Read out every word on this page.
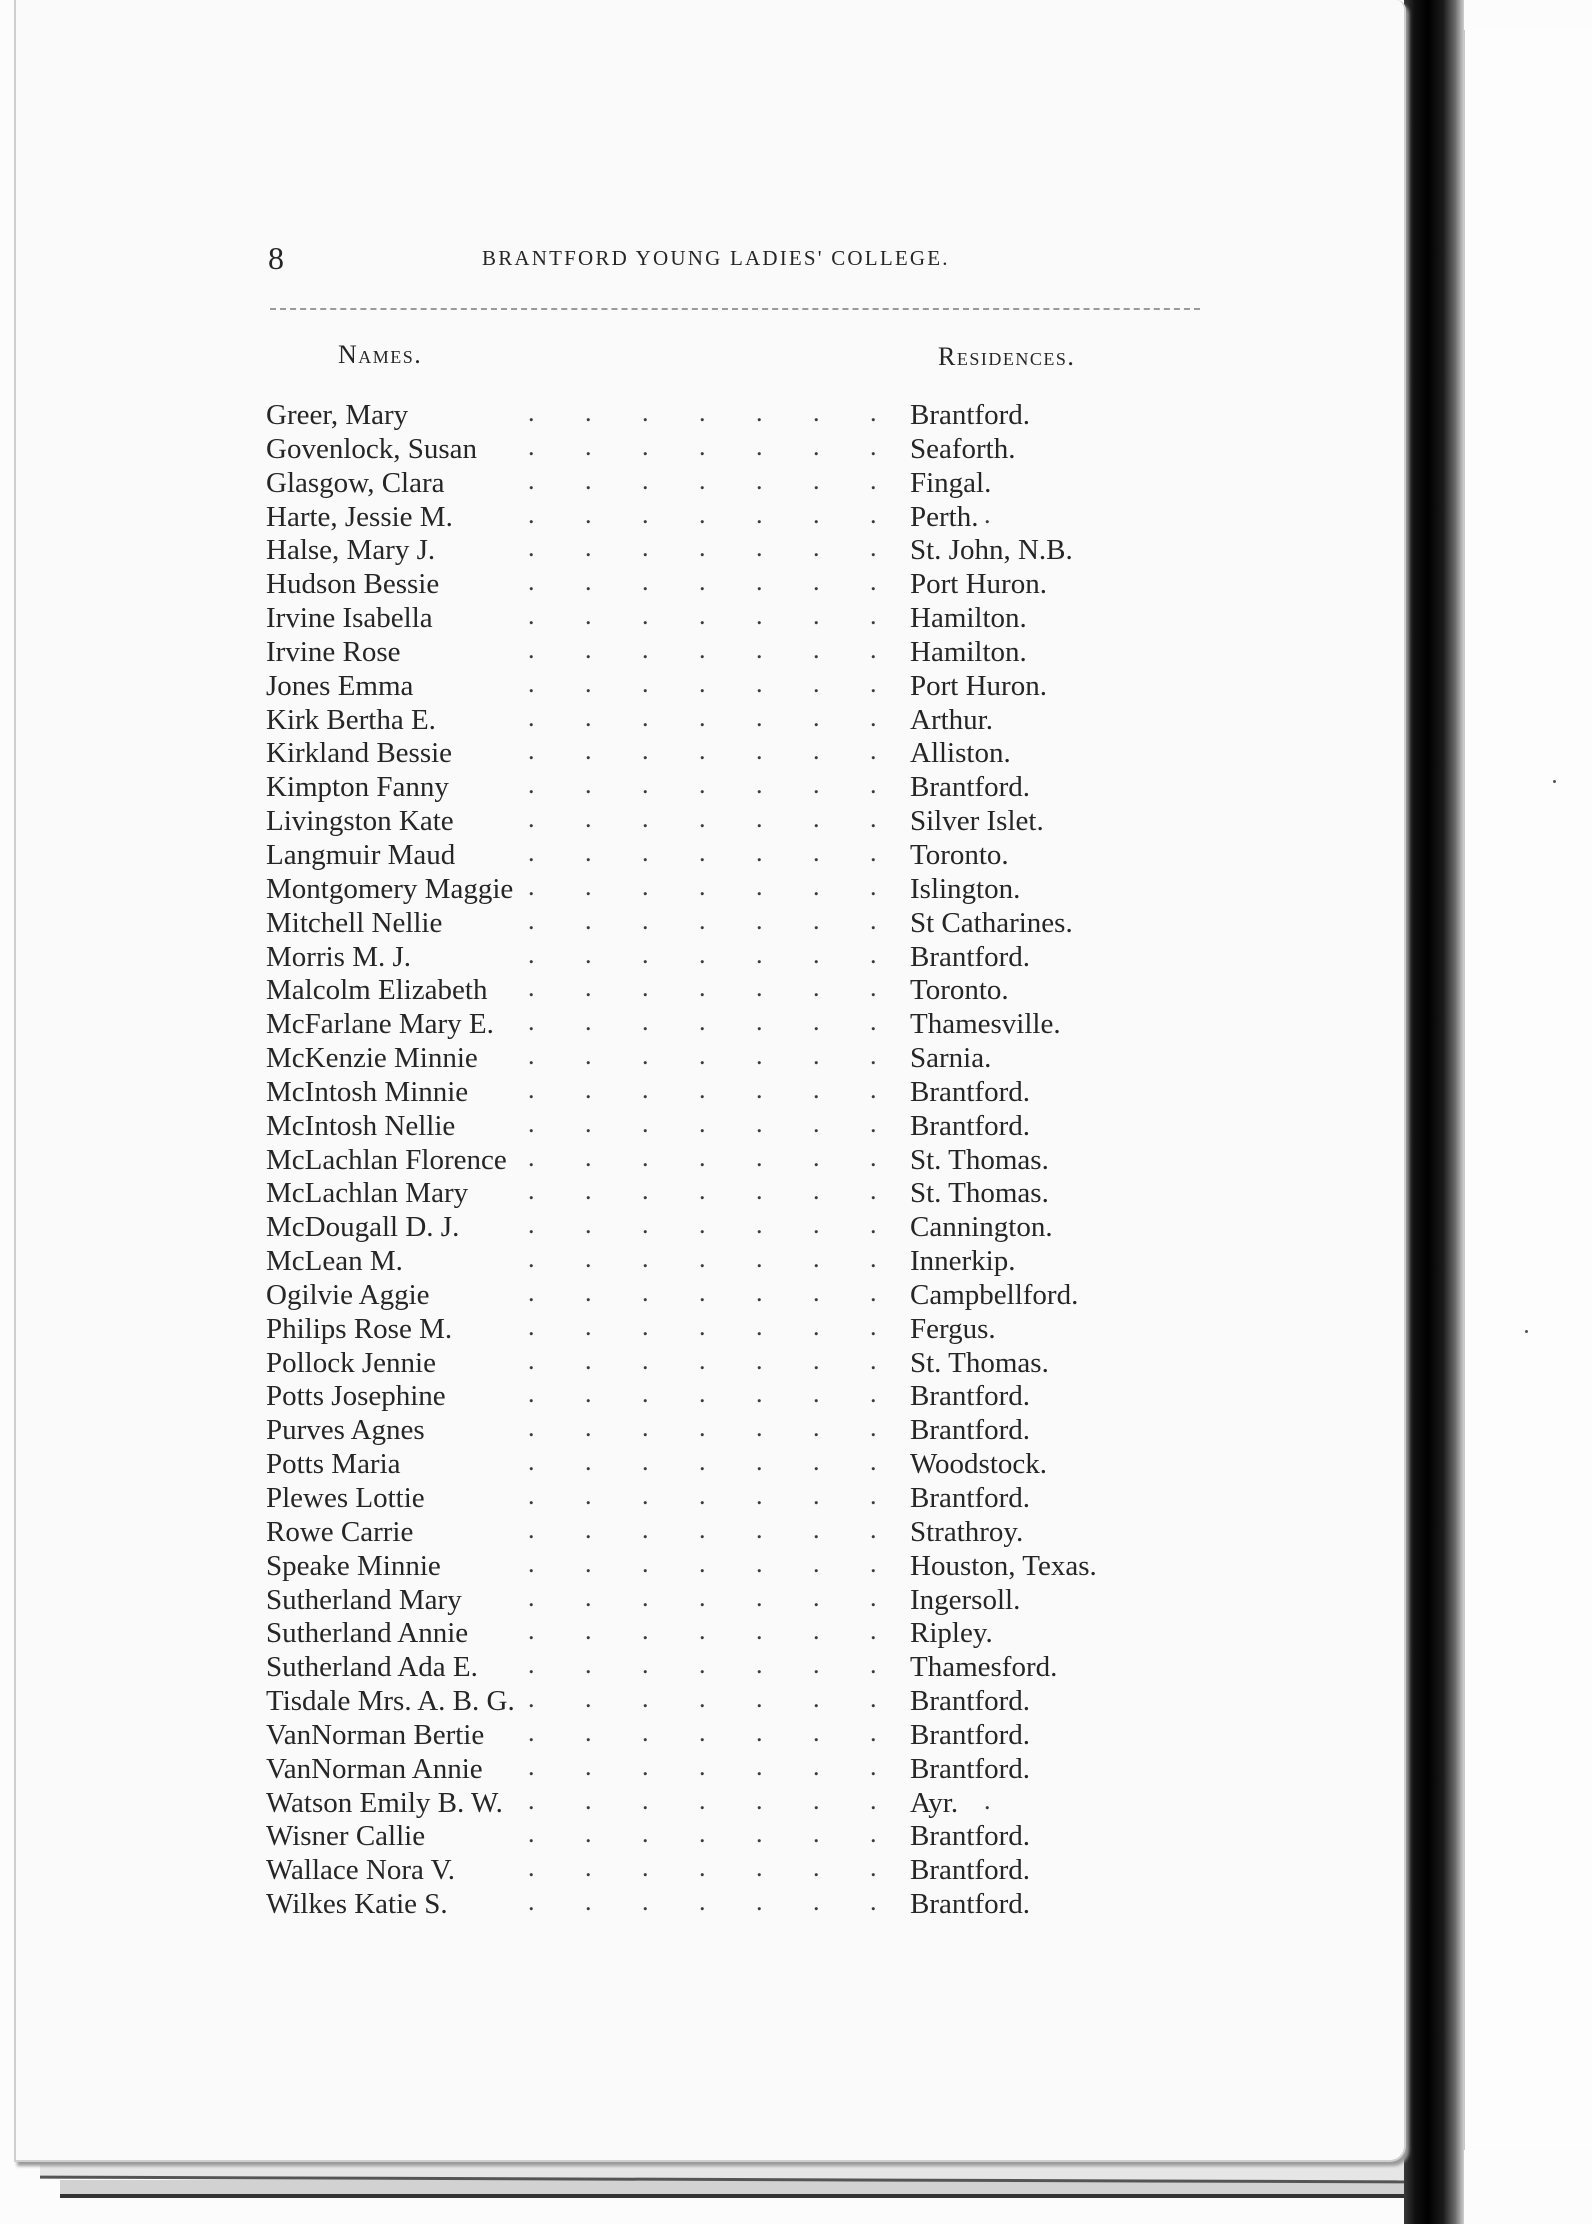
8	BRANTFORD YOUNG LADIES' COLLEGE.
Names.	Residences.
. .
Greer, Mary	Brantford.
. .
Govenlock, Susan	Seaforth.
. .
Glasgow, Clara	Fingal.
. .
Harte, Jessie M.	Perth.
. .
Halse, Mary J.	St. John, N.B.
. .
Hudson Bessie	Port Huron.
. .
Irvine Isabella	Hamilton.
. .
Irvine Rose	Hamilton.
. .
Jones Emma	Port Huron.
. .
Kirk Bertha E.	Arthur.
. .
Kirkland Bessie	Alliston.
. .
Kimpton Fanny	Brantford.
. .
Livingston Kate	Silver Islet.
. .
Langmuir Maud	Toronto.
. .
Montgomery Maggie	Islington.
. .
Mitchell Nellie	St Catharines.
. .
Morris M. J.	Brantford.
. .
Malcolm Elizabeth	Toronto.
. .
McFarlane Mary E.	Thamesville.
. .
McKenzie Minnie	Sarnia.
. .
McIntosh Minnie	Brantford.
. .
McIntosh Nellie	Brantford.
. .
McLachlan Florence	St. Thomas.
. .
McLachlan Mary	St. Thomas.
. .
McDougall D. J.	Cannington.
. .
McLean M.	Innerkip.
. .
Ogilvie Aggie	Campbellford.
. .
Philips Rose M.	Fergus.
. .
Pollock Jennie	St. Thomas.
. .
Potts Josephine	Brantford.
. .
Purves Agnes	Brantford.
. .
Potts Maria	Woodstock.
. .
Plewes Lottie	Brantford.
. .
Rowe Carrie	Strathroy.
. .
Speake Minnie	Houston, Texas.
. .
Sutherland Mary	Ingersoll.
. .
Sutherland Annie	Ripley.
. .
Sutherland Ada E.	Thamesford.
. .
Tisdale Mrs. A. B. G.	Brantford.
. .
VanNorman Bertie	Brantford.
. .
VanNorman Annie	Brantford.
. .
Watson Emily B. W.	Ayr.
. .
Wisner Callie	Brantford.
. .
Wallace Nora V.	Brantford.
. .
Wilkes Katie S.	Brantford.
